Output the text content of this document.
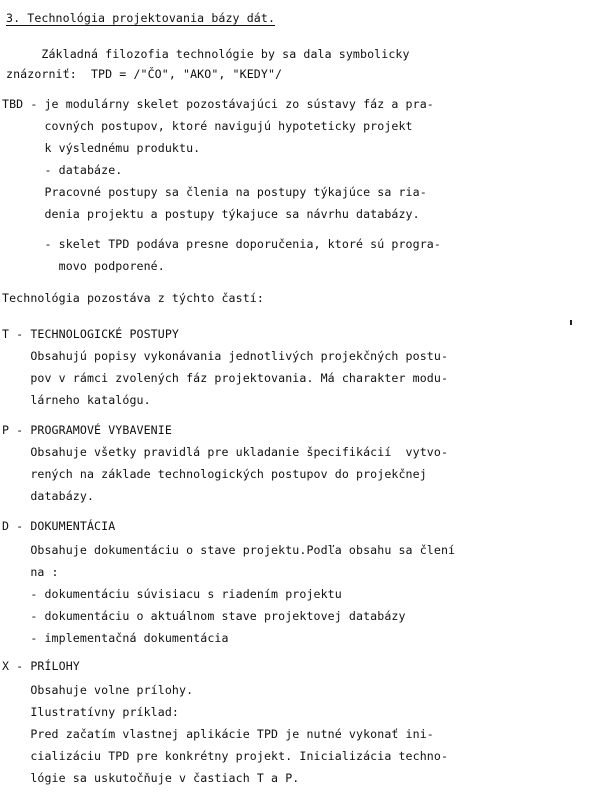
3. Technológia projektovania bázy dát.
Základná filozofia technológie by sa dala symbolicky
znázorniť:  TPD = /"ČO", "AKO", "KEDY"/
TBD - je modulárny skelet pozostávajúci zo sústavy fáz a pra-
covných postupov, ktoré navigujú hypoteticky projekt
k výslednému produktu.
- databáze.
Pracovné postupy sa členia na postupy týkajúce sa ria-
denia projektu a postupy týkajuce sa návrhu databázy.
- skelet TPD podáva presne doporučenia, ktoré sú progra-
movo podporené.
Technológia pozostáva z týchto častí:
T - TECHNOLOGICKÉ POSTUPY
Obsahujú popisy vykonávania jednotlivých projekčných postu-
pov v rámci zvolených fáz projektovania. Má charakter modu-
lárneho katalógu.
P - PROGRAMOVÉ VYBAVENIE
Obsahuje všetky pravidlá pre ukladanie špecifikácií  vytvo-
rených na základe technologických postupov do projekčnej
databázy.
D - DOKUMENTÁCIA
Obsahuje dokumentáciu o stave projektu.Podľa obsahu sa člení
na :
- dokumentáciu súvisiacu s riadením projektu
- dokumentáciu o aktuálnom stave projektovej databázy
- implementačná dokumentácia
X - PRÍLOHY
Obsahuje volne prílohy.
Ilustratívny príklad:
Pred začatím vlastnej aplikácie TPD je nutné vykonať ini-
cializáciu TPD pre konkrétny projekt. Inicializácia techno-
lógie sa uskutočňuje v častiach T a P.
